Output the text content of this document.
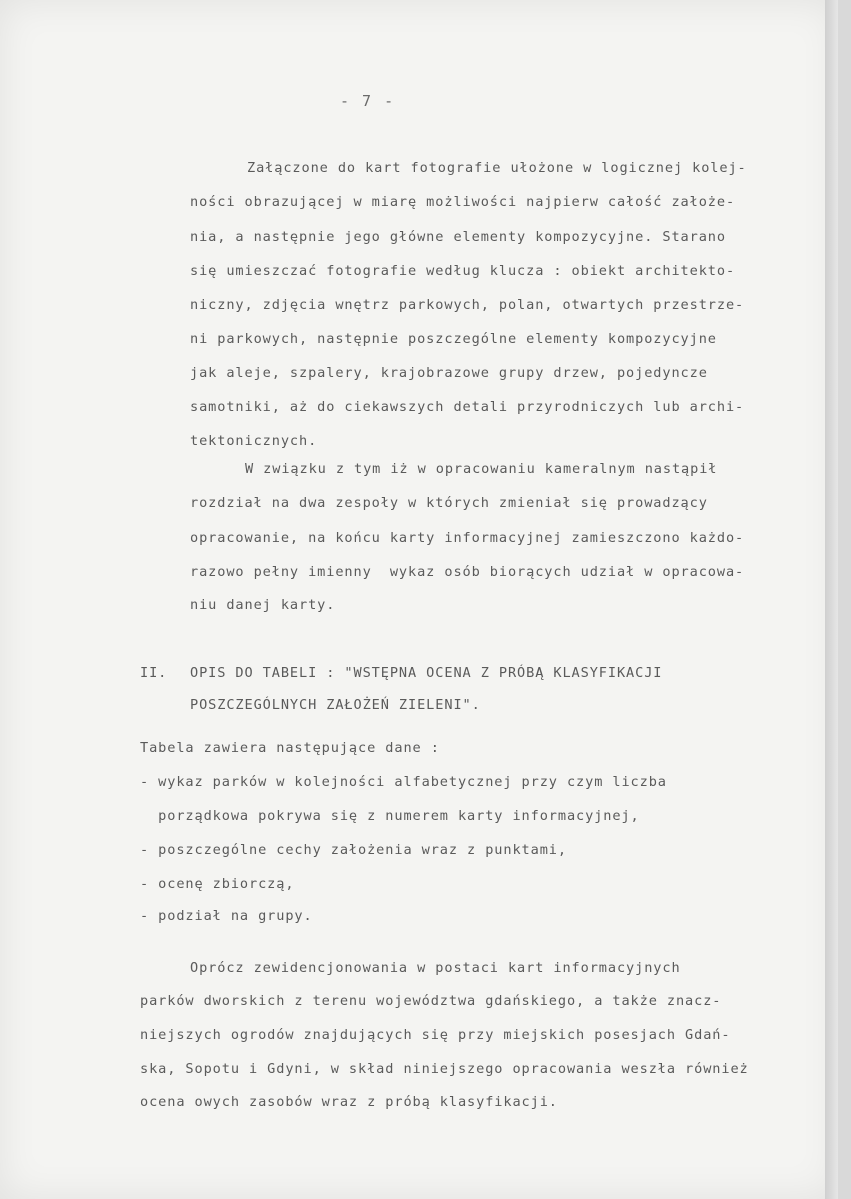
- 7 -
Załączone do kart fotografie ułożone w logicznej kolej-
ności obrazującej w miarę możliwości najpierw całość założe-
nia, a następnie jego główne elementy kompozycyjne. Starano
się umieszczać fotografie według klucza : obiekt architekto-
niczny, zdjęcia wnętrz parkowych, polan, otwartych przestrze-
ni parkowych, następnie poszczególne elementy kompozycyjne
jak aleje, szpalery, krajobrazowe grupy drzew, pojedyncze
samotniki, aż do ciekawszych detali przyrodniczych lub archi-
tektonicznych.
W związku z tym iż w opracowaniu kameralnym nastąpił
rozdział na dwa zespoły w których zmieniał się prowadzący
opracowanie, na końcu karty informacyjnej zamieszczono każdo-
razowo pełny imienny  wykaz osób biorących udział w opracowa-
niu danej karty.
II. OPIS DO TABELI : "WSTĘPNA OCENA Z PRÓBĄ KLASYFIKACJI
POSZCZEGÓLNYCH ZAŁOŻEŃ ZIELENI".
Tabela zawiera następujące dane :
- wykaz parków w kolejności alfabetycznej przy czym liczba
porządkowa pokrywa się z numerem karty informacyjnej,
- poszczególne cechy założenia wraz z punktami,
- ocenę zbiorczą,
- podział na grupy.
Oprócz zewidencjonowania w postaci kart informacyjnych
parków dworskich z terenu województwa gdańskiego, a także znacz-
niejszych ogrodów znajdujących się przy miejskich posesjach Gdań-
ska, Sopotu i Gdyni, w skład niniejszego opracowania weszła również
ocena owych zasobów wraz z próbą klasyfikacji.
